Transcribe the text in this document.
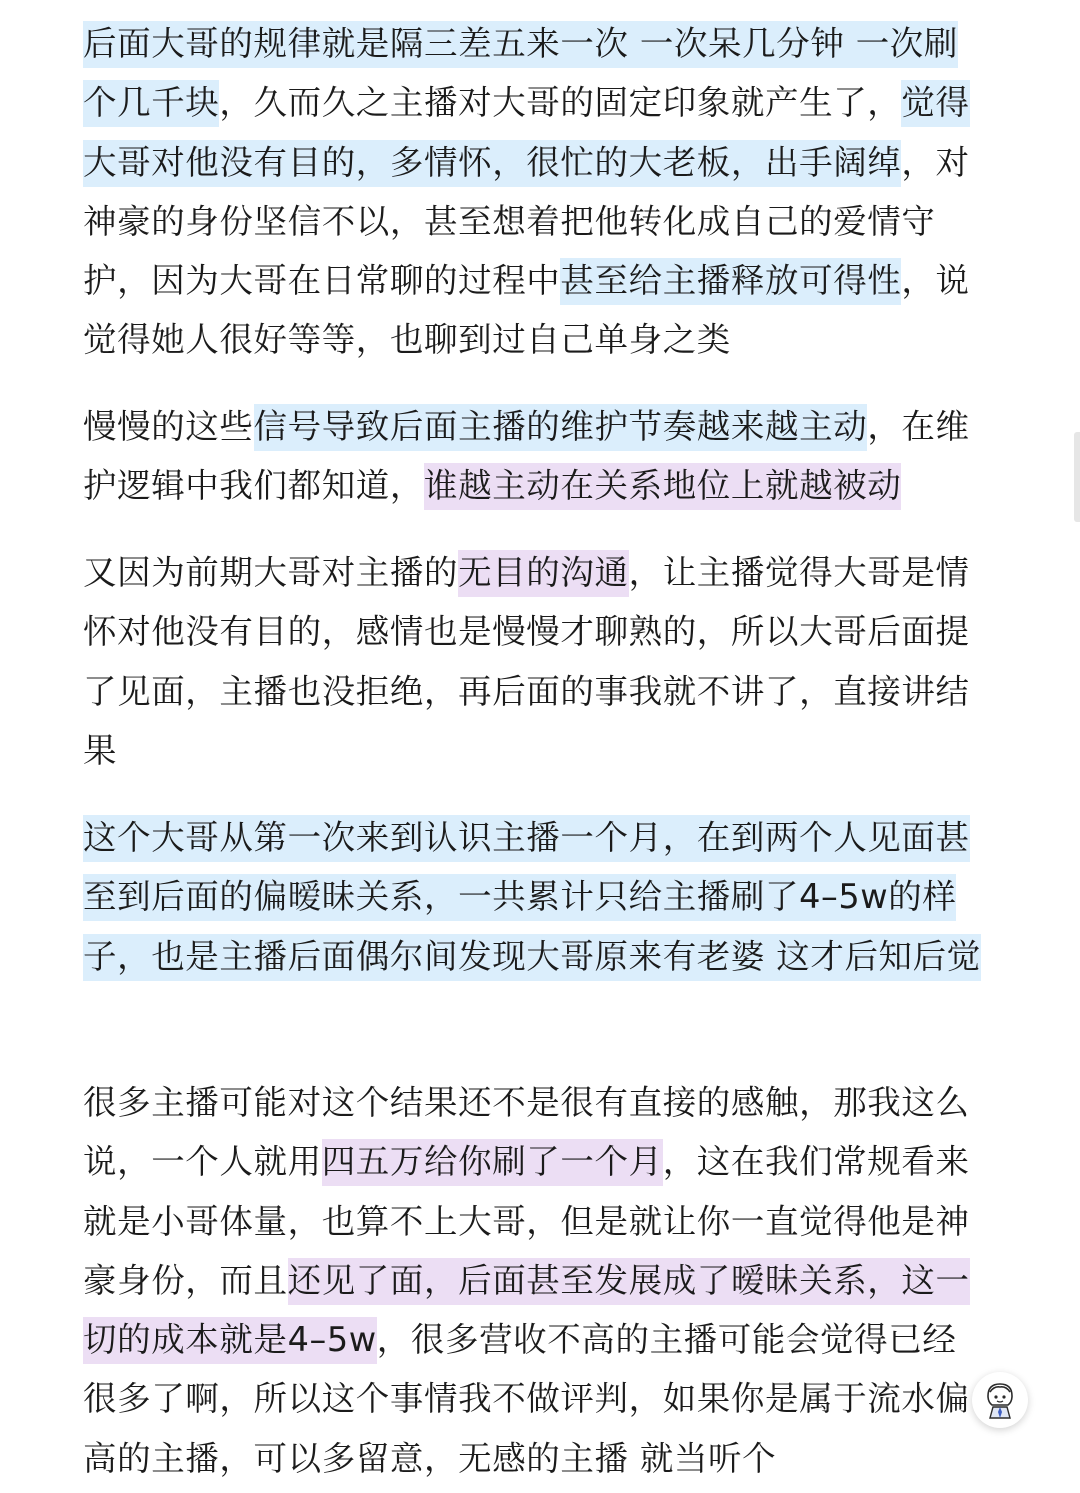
后面大哥的规律就是隔三差五来一次 一次呆几分钟 一次刷个几千块，久而久之主播对大哥的固定印象就产生了，觉得大哥对他没有目的，多情怀，很忙的大老板，出手阔绰，对神豪的身份坚信不以，甚至想着把他转化成自己的爱情守护，因为大哥在日常聊的过程中甚至给主播释放可得性，说觉得她人很好等等，也聊到过自己单身之类

慢慢的这些信号导致后面主播的维护节奏越来越主动，在维护逻辑中我们都知道，谁越主动在关系地位上就越被动

又因为前期大哥对主播的无目的沟通，让主播觉得大哥是情怀对他没有目的，感情也是慢慢才聊熟的，所以大哥后面提了见面，主播也没拒绝，再后面的事我就不讲了，直接讲结果

这个大哥从第一次来到认识主播一个月，在到两个人见面甚至到后面的偏暧昧关系，一共累计只给主播刷了4–5w的样子，也是主播后面偶尔间发现大哥原来有老婆 这才后知后觉

很多主播可能对这个结果还不是很有直接的感触，那我这么说，一个人就用四五万给你刷了一个月，这在我们常规看来就是小哥体量，也算不上大哥，但是就让你一直觉得他是神豪身份，而且还见了面，后面甚至发展成了暧昧关系，这一切的成本就是4–5w，很多营收不高的主播可能会觉得已经很多了啊，所以这个事情我不做评判，如果你是属于流水偏高的主播，可以多留意，无感的主播 就当听个
